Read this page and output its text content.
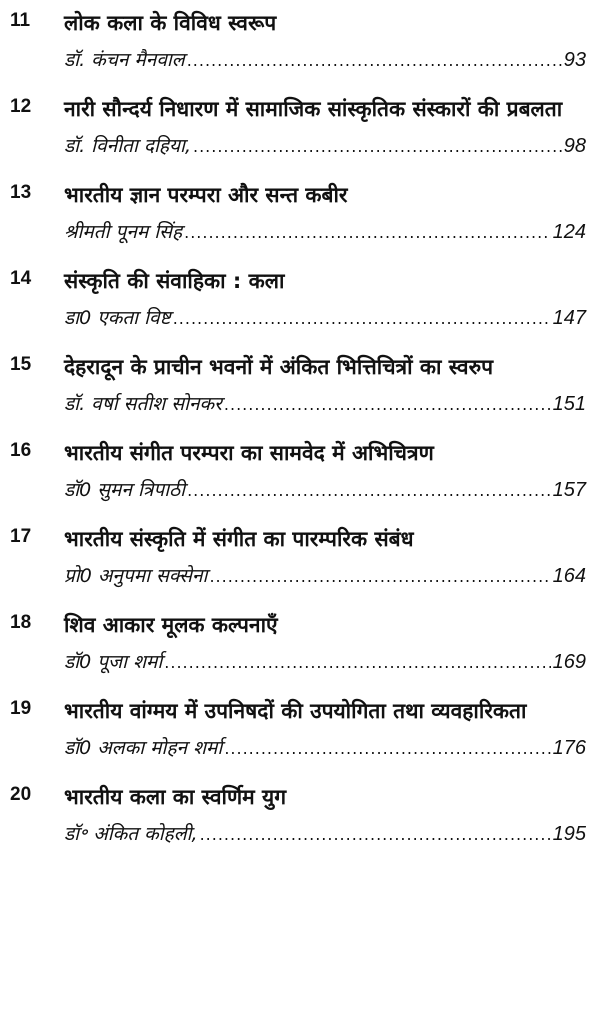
11 लोक कला के विविध स्वरूप
डॉ. कंचन मैनवाल .....	93
12 नारी सौन्दर्य निधारण में सामाजिक सांस्कृतिक संस्कारों की प्रबलता
डॉ. विनीता दहिया, .....	98
13 भारतीय ज्ञान परम्परा और सन्त कबीर
श्रीमती पूनम सिंह .....	124
14 संस्कृति की संवाहिका : कला
डा0 एकता विष्ट .....	147
15 देहरादून के प्राचीन भवनों में अंकित भित्तिचित्रों का स्वरुप
डॉ. वर्षा सतीश सोनकर .....	151
16 भारतीय संगीत परम्परा का सामवेद में अभिचित्रण
डॉ0 सुमन त्रिपाठी .....	157
17 भारतीय संस्कृति में संगीत का पारम्परिक संबंध
प्रो0 अनुपमा सक्सेना .....	164
18 शिव आकार मूलक कल्पनाएँ
डॉ0 पूजा शर्मा .....	169
19 भारतीय वांग्मय में उपनिषदों की उपयोगिता तथा व्यवहारिकता
डॉ0 अलका मोहन शर्मा .....	176
20 भारतीय कला का स्वर्णिम युग
डॉ॰ अंकित कोहली, .....	195
